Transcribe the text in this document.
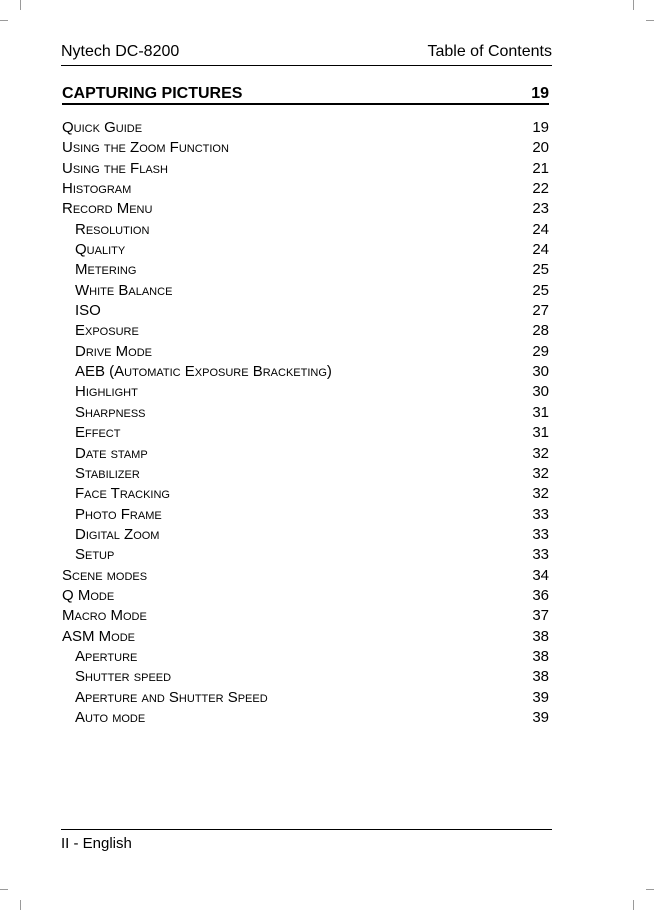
Nytech DC-8200	Table of Contents
CAPTURING PICTURES	19
Quick Guide	19
Using the Zoom Function	20
Using the Flash	21
Histogram	22
Record Menu	23
Resolution	24
Quality	24
Metering	25
White Balance	25
ISO	27
Exposure	28
Drive Mode	29
AEB (Automatic Exposure Bracketing)	30
Highlight	30
Sharpness	31
Effect	31
Date stamp	32
Stabilizer	32
Face Tracking	32
Photo Frame	33
Digital Zoom	33
Setup	33
Scene modes	34
Q Mode	36
Macro Mode	37
ASM Mode	38
Aperture	38
Shutter speed	38
Aperture and Shutter Speed	39
Auto mode	39
II - English
